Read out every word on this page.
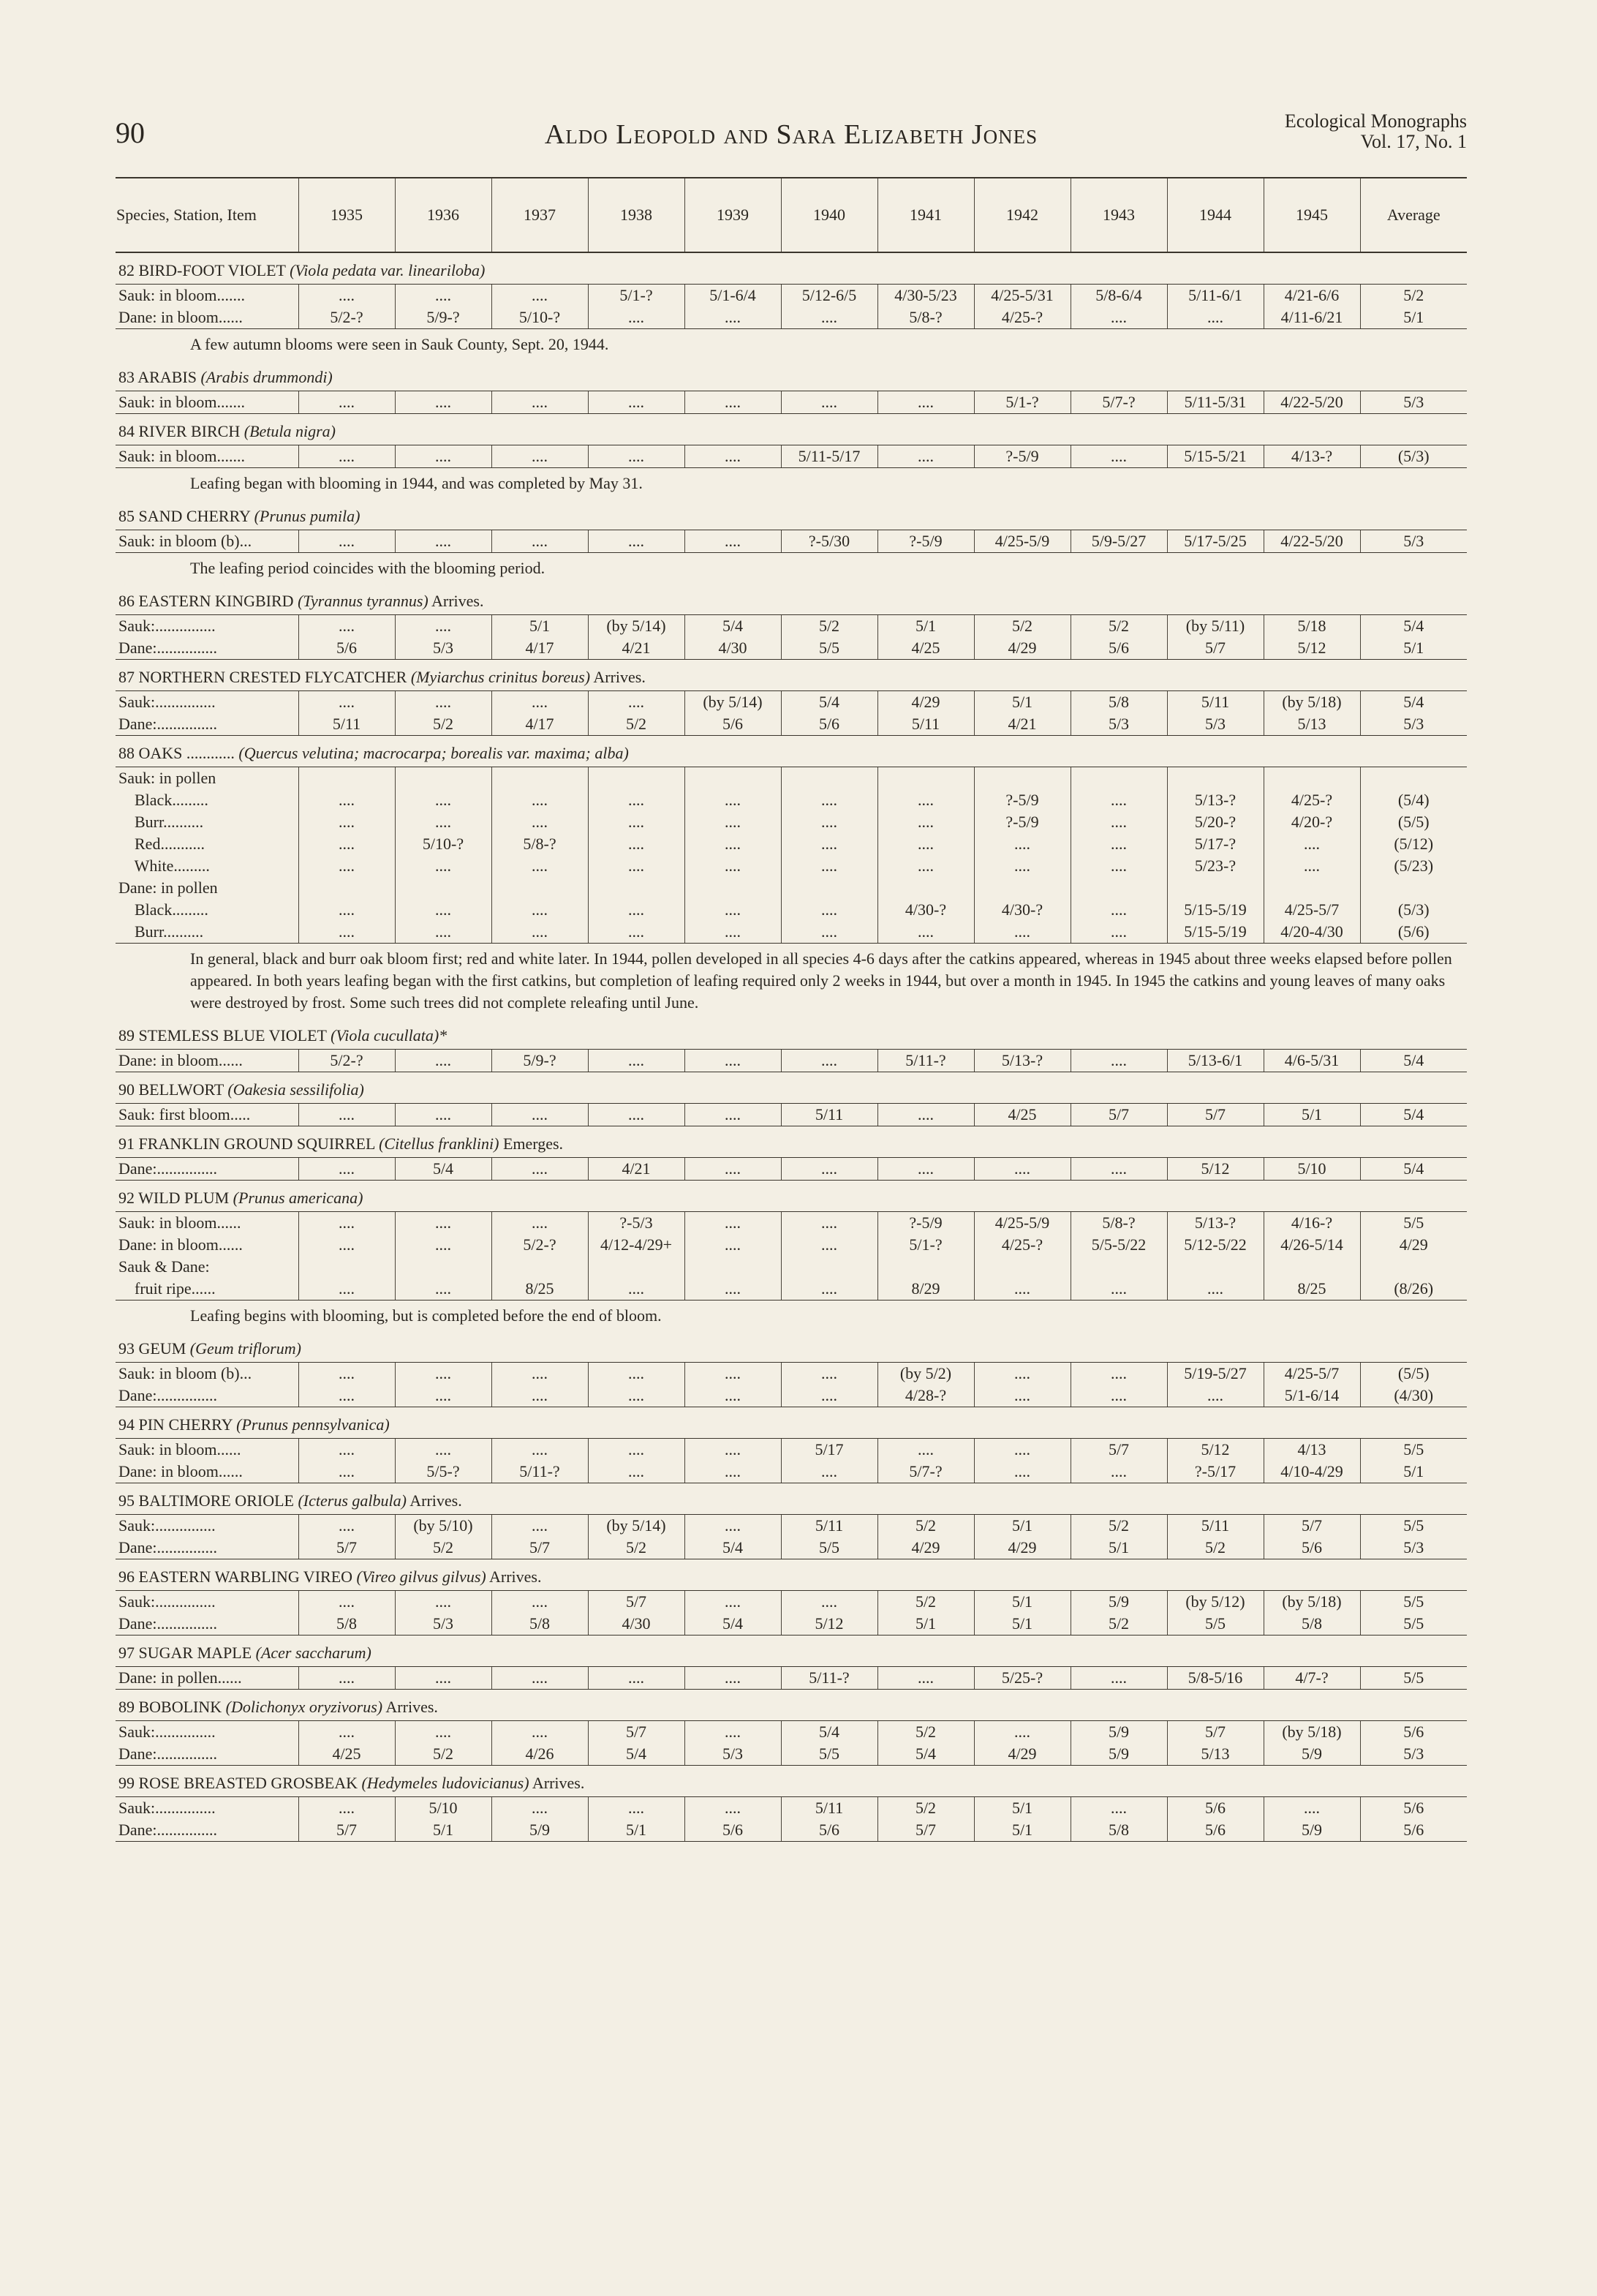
90	Aldo Leopold and Sara Elizabeth Jones	Ecological Monographs
Vol. 17, No. 1
Species, Station, Item	1935	1936	1937	1938	1939	1940	1941	1942	1943	1944	1945	Average
82 BIRD-FOOT VIOLET (Viola pedata var. lineariloba)												
Sauk: in bloom.......	....	....	....	5/1-?	5/1-6/4	5/12-6/5	4/30-5/23	4/25-5/31	5/8-6/4	5/11-6/1	4/21-6/6	5/2
Dane: in bloom......	5/2-?	5/9-?	5/10-?	....	....	....	5/8-?	4/25-?	....	....	4/11-6/21	5/1
A few autumn blooms were seen in Sauk County, Sept. 20, 1944.												
83 ARABIS (Arabis drummondi)												
Sauk: in bloom.......	....	....	....	....	....	....	....	5/1-?	5/7-?	5/11-5/31	4/22-5/20	5/3
84 RIVER BIRCH (Betula nigra)												
Sauk: in bloom.......	....	....	....	....	....	5/11-5/17	....	?-5/9	....	5/15-5/21	4/13-?	(5/3)
Leafing began with blooming in 1944, and was completed by May 31.												
85 SAND CHERRY (Prunus pumila)												
Sauk: in bloom (b)...	....	....	....	....	....	?-5/30	?-5/9	4/25-5/9	5/9-5/27	5/17-5/25	4/22-5/20	5/3
The leafing period coincides with the blooming period.												
86 EASTERN KINGBIRD (Tyrannus tyrannus) Arrives.												
Sauk:...............	....	....	5/1	(by 5/14)	5/4	5/2	5/1	5/2	5/2	(by 5/11)	5/18	5/4
Dane:...............	5/6	5/3	4/17	4/21	4/30	5/5	4/25	4/29	5/6	5/7	5/12	5/1
87 NORTHERN CRESTED FLYCATCHER (Myiarchus crinitus boreus) Arrives.												
Sauk:...............	....	....	....	....	(by 5/14)	5/4	4/29	5/1	5/8	5/11	(by 5/18)	5/4
Dane:...............	5/11	5/2	4/17	5/2	5/6	5/6	5/11	4/21	5/3	5/3	5/13	5/3
88 OAKS ............ (Quercus velutina; macrocarpa; borealis var. maxima; alba)												
Sauk: in pollen												
Black.........	....	....	....	....	....	....	....	?-5/9	....	5/13-?	4/25-?	(5/4)
Burr..........	....	....	....	....	....	....	....	?-5/9	....	5/20-?	4/20-?	(5/5)
Red...........	....	5/10-?	5/8-?	....	....	....	....	....	....	5/17-?	....	(5/12)
White.........	....	....	....	....	....	....	....	....	....	5/23-?	....	(5/23)
Dane: in pollen												
Black.........	....	....	....	....	....	....	4/30-?	4/30-?	....	5/15-5/19	4/25-5/7	(5/3)
Burr..........	....	....	....	....	....	....	....	....	....	5/15-5/19	4/20-4/30	(5/6)
In general, black and burr oak bloom first; red and white later. In 1944, pollen developed in all species 4-6 days after the catkins appeared, whereas in 1945 about three weeks elapsed before pollen appeared. In both years leafing began with the first catkins, but completion of leafing required only 2 weeks in 1944, but over a month in 1945. In 1945 the catkins and young leaves of many oaks were destroyed by frost. Some such trees did not complete releafing until June.												
89 STEMLESS BLUE VIOLET (Viola cucullata)*												
Dane: in bloom......	5/2-?	....	5/9-?	....	....	....	5/11-?	5/13-?	....	5/13-6/1	4/6-5/31	5/4
90 BELLWORT (Oakesia sessilifolia)												
Sauk: first bloom.....	....	....	....	....	....	5/11	....	4/25	5/7	5/7	5/1	5/4
91 FRANKLIN GROUND SQUIRREL (Citellus franklini) Emerges.												
Dane:...............	....	5/4	....	4/21	....	....	....	....	....	5/12	5/10	5/4
92 WILD PLUM (Prunus americana)												
Sauk: in bloom......	....	....	....	?-5/3	....	....	?-5/9	4/25-5/9	5/8-?	5/13-?	4/16-?	5/5
Dane: in bloom......	....	....	5/2-?	4/12-4/29+	....	....	5/1-?	4/25-?	5/5-5/22	5/12-5/22	4/26-5/14	4/29
Sauk & Dane:												
fruit ripe......	....	....	8/25	....	....	....	8/29	....	....	....	8/25	(8/26)
Leafing begins with blooming, but is completed before the end of bloom.												
93 GEUM (Geum triflorum)												
Sauk: in bloom (b)...	....	....	....	....	....	....	(by 5/2)	....	....	5/19-5/27	4/25-5/7	(5/5)
Dane:...............	....	....	....	....	....	....	4/28-?	....	....	....	5/1-6/14	(4/30)
94 PIN CHERRY (Prunus pennsylvanica)												
Sauk: in bloom......	....	....	....	....	....	5/17	....	....	5/7	5/12	4/13	5/5
Dane: in bloom......	....	5/5-?	5/11-?	....	....	....	5/7-?	....	....	?-5/17	4/10-4/29	5/1
95 BALTIMORE ORIOLE (Icterus galbula) Arrives.												
Sauk:...............	....	(by 5/10)	....	(by 5/14)	....	5/11	5/2	5/1	5/2	5/11	5/7	5/5
Dane:...............	5/7	5/2	5/7	5/2	5/4	5/5	4/29	4/29	5/1	5/2	5/6	5/3
96 EASTERN WARBLING VIREO (Vireo gilvus gilvus) Arrives.												
Sauk:...............	....	....	....	5/7	....	....	5/2	5/1	5/9	(by 5/12)	(by 5/18)	5/5
Dane:...............	5/8	5/3	5/8	4/30	5/4	5/12	5/1	5/1	5/2	5/5	5/8	5/5
97 SUGAR MAPLE (Acer saccharum)												
Dane: in pollen......	....	....	....	....	....	5/11-?	....	5/25-?	....	5/8-5/16	4/7-?	5/5
89 BOBOLINK (Dolichonyx oryzivorus) Arrives.												
Sauk:...............	....	....	....	5/7	....	5/4	5/2	....	5/9	5/7	(by 5/18)	5/6
Dane:...............	4/25	5/2	4/26	5/4	5/3	5/5	5/4	4/29	5/9	5/13	5/9	5/3
99 ROSE BREASTED GROSBEAK (Hedymeles ludovicianus) Arrives.												
Sauk:...............	....	5/10	....	....	....	5/11	5/2	5/1	....	5/6	....	5/6
Dane:...............	5/7	5/1	5/9	5/1	5/6	5/6	5/7	5/1	5/8	5/6	5/9	5/6
